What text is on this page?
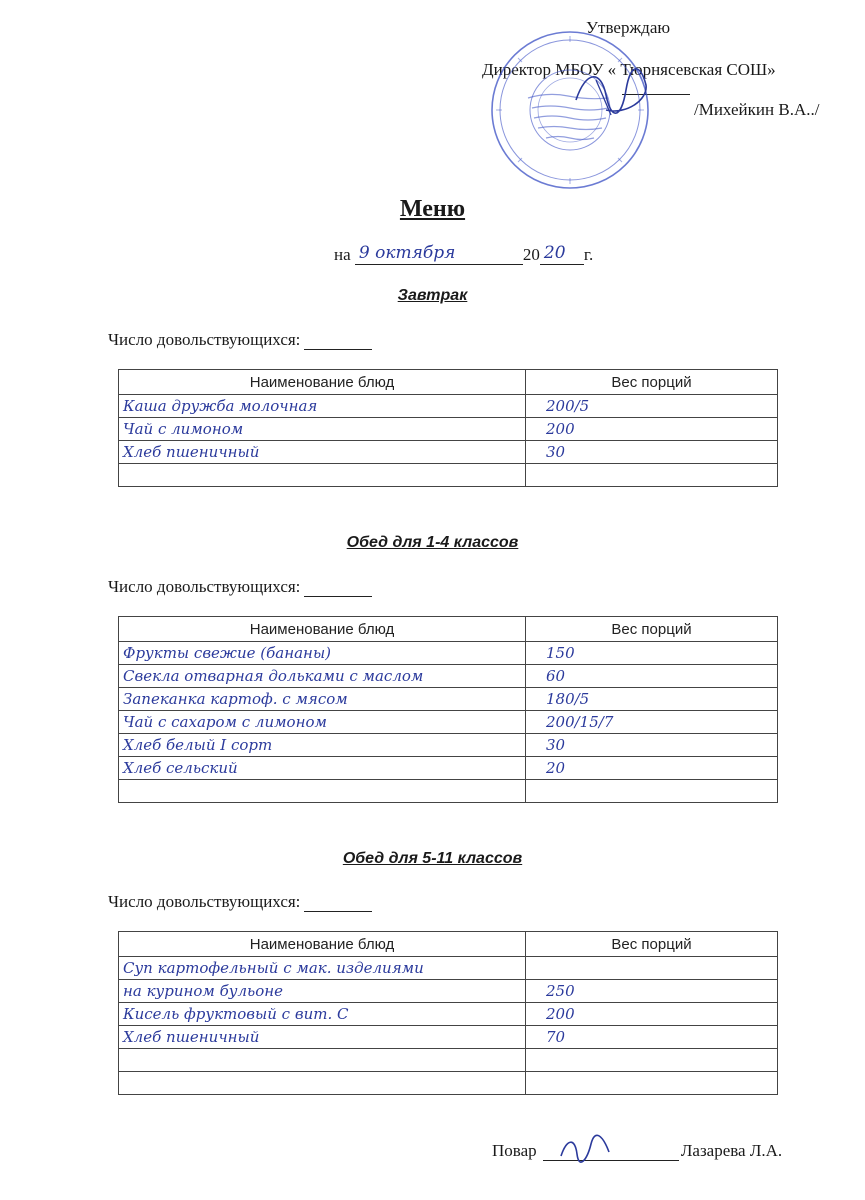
Утверждаю
Директор МБОУ « Тюрнясевская СОШ»
/Михейкин В.А../
Меню
на 9 октября	20 20 г.
Завтрак
Число довольствующихся:
Наименование блюд	Вес порций
Каша дружба молочная	200/5
Чай с лимоном	200
Хлеб пшеничный	30

Обед для 1-4 классов
Число довольствующихся:
Наименование блюд	Вес порций
Фрукты свежие (бананы)	150
Свекла отварная дольками с маслом	60
Запеканка картоф. с мясом	180/5
Чай с сахаром с лимоном	200/15/7
Хлеб белый I сорт	30
Хлеб сельский	20

Обед для 5-11 классов
Число довольствующихся:
Наименование блюд	Вес порций
Суп картофельный с мак. изделиями	
на курином бульоне	250
Кисель фруктовый с вит. С	200
Хлеб пшеничный	70

Повар	Лазарева Л.А.
